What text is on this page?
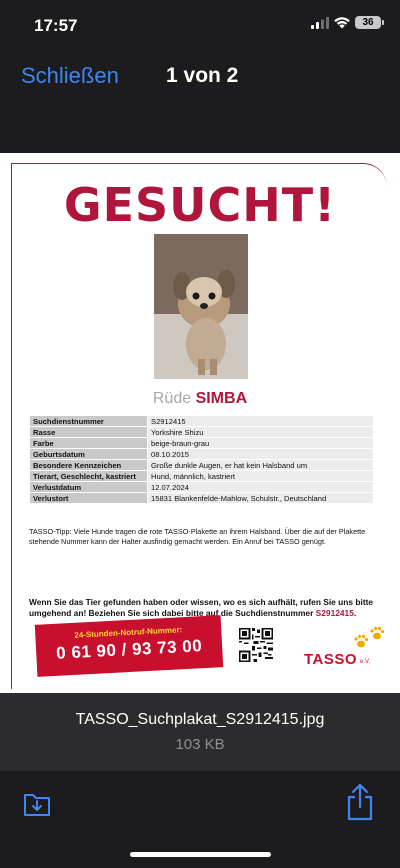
17:57	36
Schließen 1 von 2
GESUCHT!
Rüde SIMBA
Suchdienstnummer	S2912415
Rasse	Yorkshire Shizu
Farbe	beige-braun-grau
Geburtsdatum	08.10.2015
Besondere Kennzeichen	Große dunkle Augen, er hat kein Halsband um
Tierart, Geschlecht, kastriert	Hund, männlich, kastriert
Verlustdatum	12.07.2024
Verlustort	15831 Blankenfelde-Mahlow, Schulstr., Deutschland
TASSO-Tipp: Viele Hunde tragen die rote TASSO-Plakette an ihrem Halsband. Über die auf der Plakette stehende Nummer kann der Halter ausfindig gemacht werden. Ein Anruf bei TASSO genügt.
Wenn Sie das Tier gefunden haben oder wissen, wo es sich aufhält, rufen Sie uns bitte umgehend an! Beziehen Sie sich dabei bitte auf die Suchdienstnummer S2912415.
24-Stunden-Notruf-Nummer:
0 61 90 / 93 73 00	TASSO e.V.
TASSO_Suchplakat_S2912415.jpg
103 KB
